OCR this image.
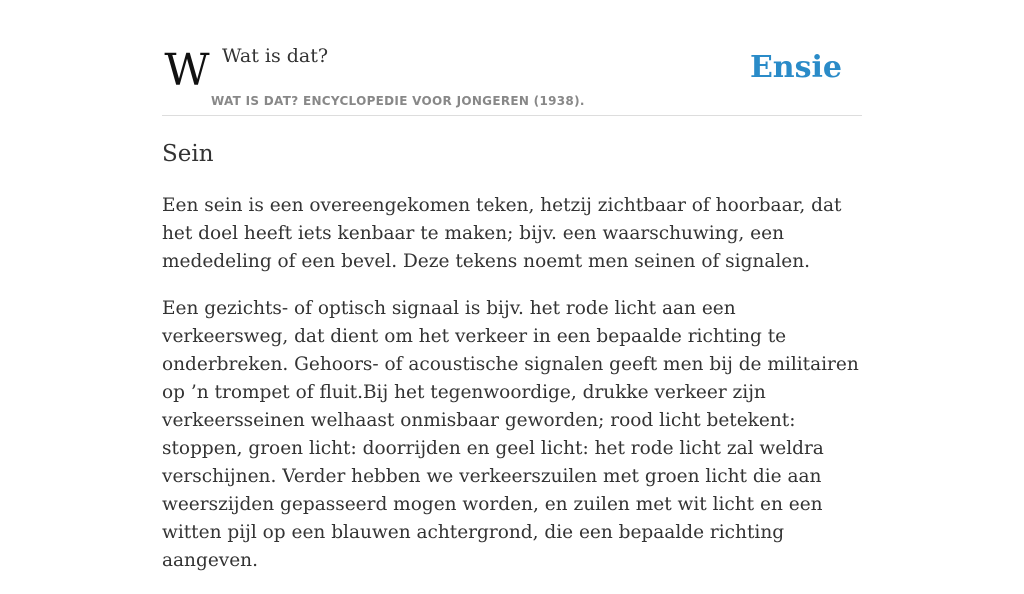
W Wat is dat?
WAT IS DAT? ENCYCLOPEDIE VOOR JONGEREN (1938).
Ensie
Sein

Een sein is een overeengekomen teken, hetzij zichtbaar of hoorbaar, dat het doel heeft iets kenbaar te maken; bijv. een waarschuwing, een mededeling of een bevel. Deze tekens noemt men seinen of signalen.

Een gezichts- of optisch signaal is bijv. het rode licht aan een verkeersweg, dat dient om het verkeer in een bepaalde richting te onderbreken. Gehoors- of acoustische signalen geeft men bij de militairen op ’n trompet of fluit.Bij het tegenwoordige, drukke verkeer zijn verkeersseinen welhaast onmisbaar geworden; rood licht betekent: stoppen, groen licht: doorrijden en geel licht: het rode licht zal weldra verschijnen. Verder hebben we verkeerszuilen met groen licht die aan weerszijden gepasseerd mogen worden, en zuilen met wit licht en een witten pijl op een blauwen achtergrond, die een bepaalde richting aangeven.
